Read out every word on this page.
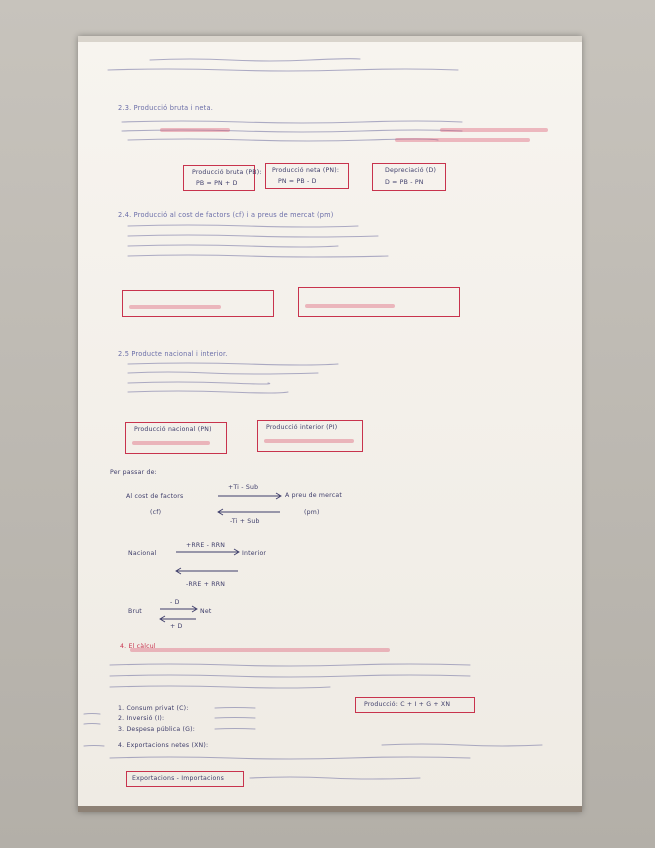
2.3. Producció bruta i neta.
Producció bruta (PB):
PB = PN + D
Producció neta (PN):
PN = PB - D
Depreciació (D)
D = PB - PN
2.4. Producció al cost de factors (cf) i a preus de mercat (pm)
2.5 Producte nacional i interior.
Producció nacional (PN)	Producció interior (PI)
Per passar de:
Al cost de factors
(cf)
+Ti - Sub
-Ti + Sub
A preu de mercat
(pm)
Nacional
+RRE - RRN
Interior
-RRE + RRN
Brut
- D
Net
+ D
4. El càlcul
Producció: C + I + G + XN
1. Consum privat (C):
2. Inversió (I):
3. Despesa pública (G):
4. Exportacions netes (XN):
Exportacions - Importacions
